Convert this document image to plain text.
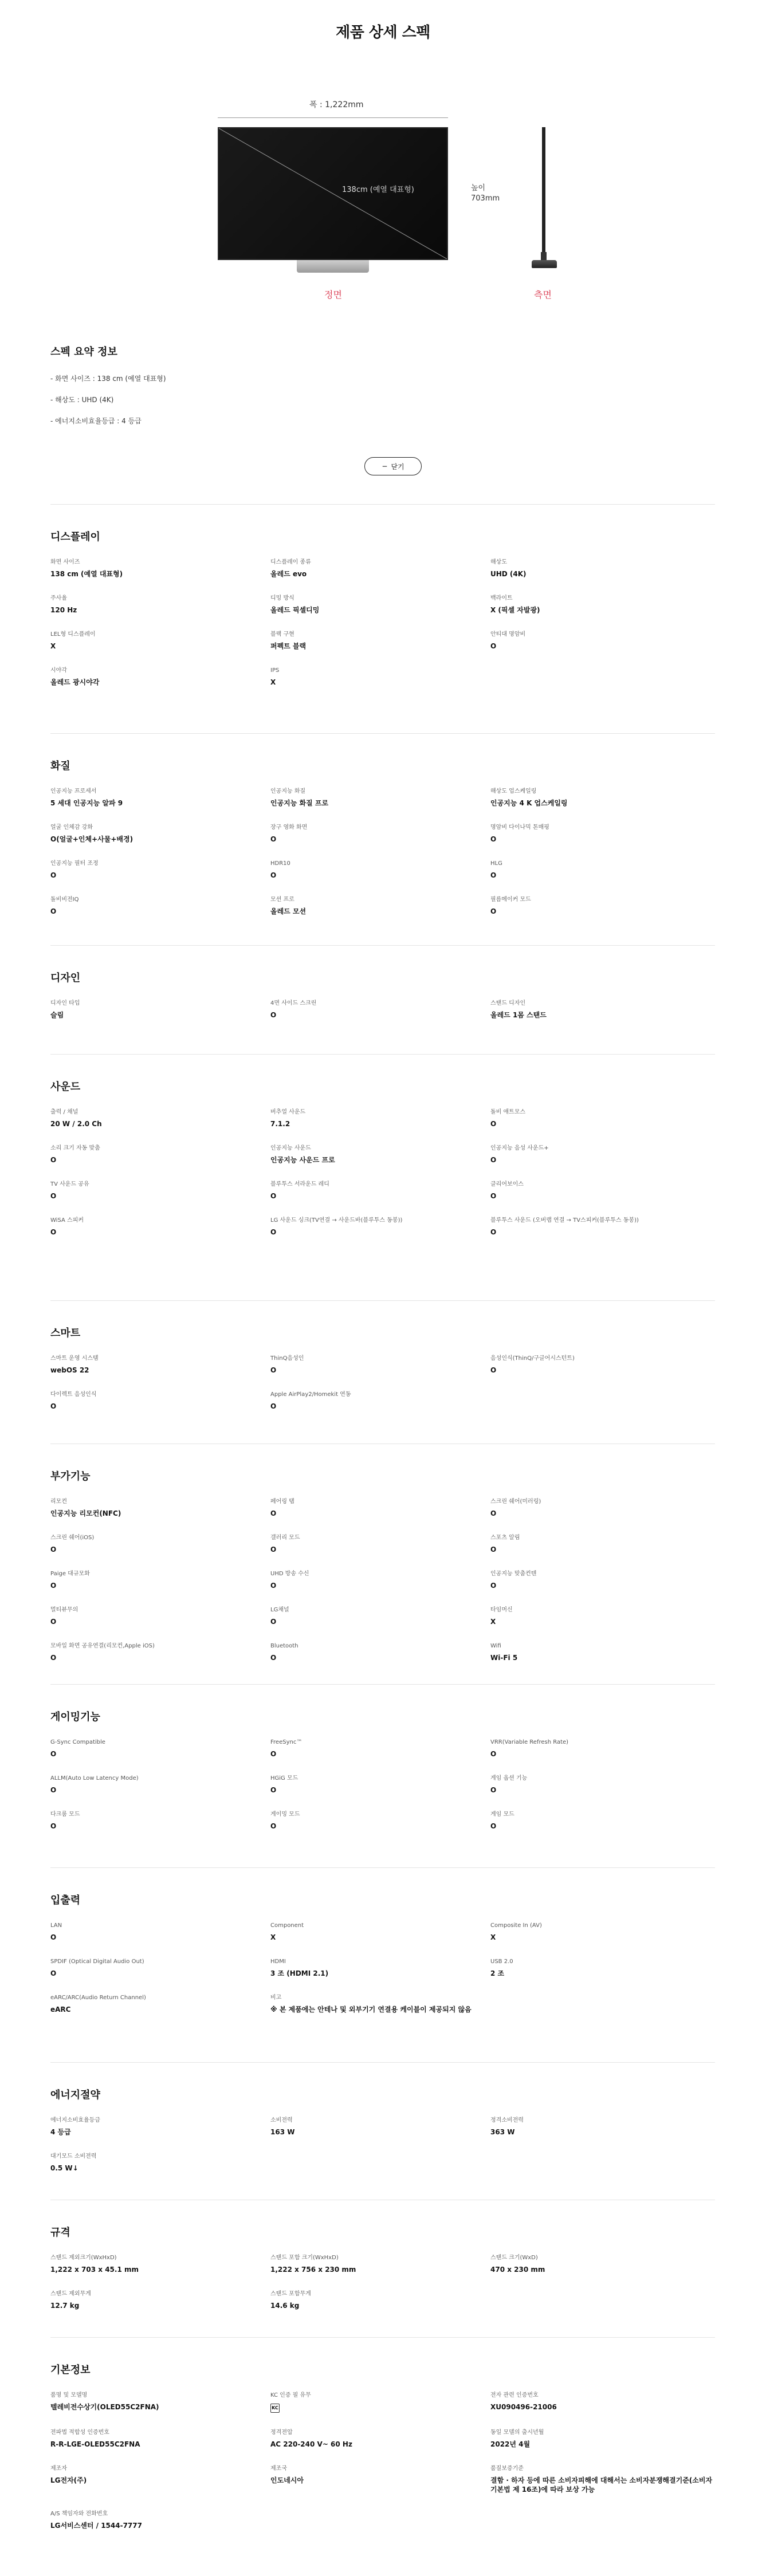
제품 상세 스펙
폭 : 1,222mm
138cm (예열 대표형)
정면
높이
703mm
측면
스펙 요약 정보
- 화면 사이즈 : 138 cm (예열 대표형)
- 해상도 : UHD (4K)
- 에너지소비효율등급 : 4 등급
− 닫기
디스플레이
화면 사이즈
138 cm (예열 대표형)
디스플레이 종류
올레드 evo
해상도
UHD (4K)
주사율
120 Hz
디밍 방식
올레드 픽셀디밍
백라이트
X (픽셀 자발광)
LEL형 디스플레이
X
블랙 구현
퍼펙트 블랙
안티대 명암비
O
시야각
올레드 광시야각
IPS
X
화질
인공지능 프로세서
5 세대 인공지능 알파 9
인공지능 화질
인공지능 화질 프로
해상도 업스케일링
인공지능 4 K 업스케일링
얼굴 인체감 강화
O(얼굴+인체+사물+배경)
장구 영화 화면
O
명암비 다이나믹 톤매핑
O
인공지능 필터 조정
O
HDR10
O
HLG
O
돌비비전IQ
O
모션 프로
올레드 모션
필름메이커 모드
O
디자인
디자인 타입
슬림
4면 사이드 스크린
O
스탠드 디자인
올레드 1몸 스탠드
사운드
출력 / 채널
20 W / 2.0 Ch
버추얼 사운드
7.1.2
돌비 애트모스
O
소리 크기 자동 맞춤
O
인공지능 사운드
인공지능 사운드 프로
인공지능 음성 사운드+
O
TV 사운드 공유
O
블루투스 서라운드 레디
O
클리어보이스
O
WiSA 스피커
O
LG 사운드 싱크(TV연결 → 사운드바(블루투스 동봉))
O
블루투스 사운드 (오버랩 연결 → TV스피커(블루투스 동봉))
O
스마트
스마트 운영 시스템
webOS 22
ThinQ음성인
O
음성인식(ThinQ/구글어시스턴트)
O
다이렉트 음성인식
O
Apple AirPlay2/Homekit 연동
O
부가기능
리모컨
인공지능 리모컨(NFC)
페어링 탭
O
스크린 쉐어(미러링)
O
스크린 쉐어(iOS)
O
갤러리 모드
O
스포츠 알림
O
Paige 대규모화
O
UHD 방송 수신
O
인공지능 맞춤컨텐
O
멀티뷰무의
O
LG채널
O
타임머신
X
모바일 화면 공유연결(리모컨,Apple iOS)
O
Bluetooth
O
Wifi
Wi-Fi 5
게이밍기능
G-Sync Compatible
O
FreeSync™
O
VRR(Variable Refresh Rate)
O
ALLM(Auto Low Latency Mode)
O
HGiG 모드
O
게임 옵션 기능
O
다크룸 모드
O
게이밍 모드
O
게임 모드
O
입출력
LAN
O
Component
X
Composite In (AV)
X
SPDIF (Optical Digital Audio Out)
O
HDMI
3 조 (HDMI 2.1)
USB 2.0
2 조
eARC/ARC(Audio Return Channel)
eARC
비고
※ 본 제품에는 안테나 및 외부기기 연결용 케이블이 제공되지 않음
에너지절약
에너지소비효율등급
4 등급
소비전력
163 W
정격소비전력
363 W
대기모드 소비전력
0.5 W↓
규격
스탠드 제외크기(WxHxD)
1,222 x 703 x 45.1 mm
스탠드 포함 크기(WxHxD)
1,222 x 756 x 230 mm
스탠드 크기(WxD)
470 x 230 mm
스탠드 제외무게
12.7 kg
스탠드 포함무게
14.6 kg
기본정보
품명 및 모델명
텔레비전수상기(OLED55C2FNA)
KC 인증 필 유무
KC
전자 관련 인증번호
XU090496-21006
전파법 적합성 인증번호
R-R-LGE-OLED55C2FNA
정격전압
AC 220-240 V~ 60 Hz
동일 모델의 출시년월
2022년 4월
제조자
LG전자(주)
제조국
인도네시아
품질보증기준
결함 · 하자 등에 따른 소비자피해에 대해서는 소비자분쟁해결기준(소비자기본법 제 16조)에 따라 보상 가능
A/S 책임자와 전화번호
LG서비스센터 / 1544-7777
